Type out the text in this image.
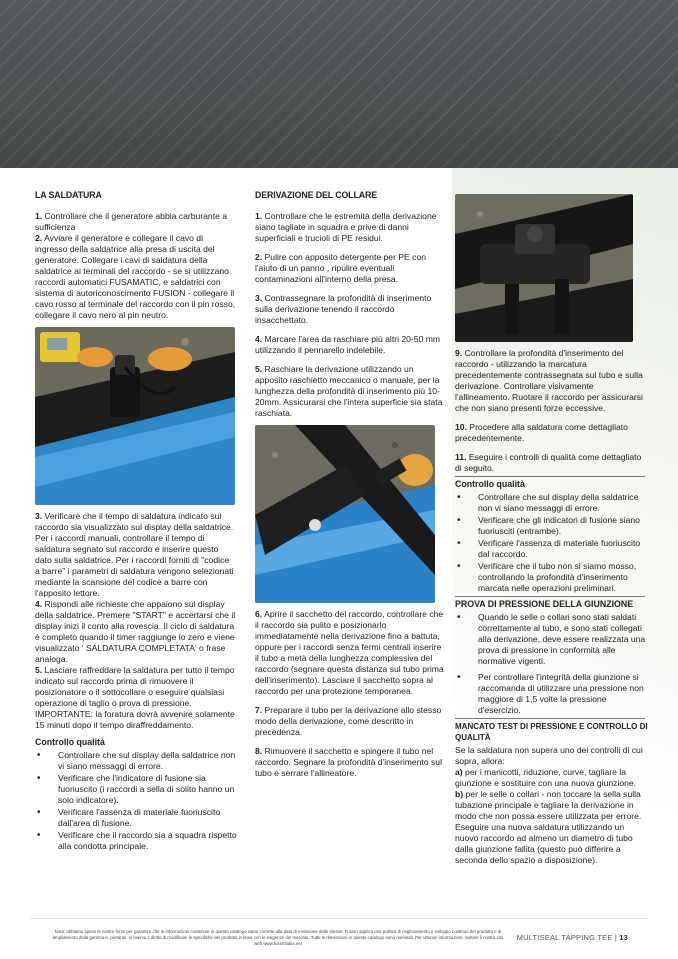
LA SALDATURA
1. Controllare che il generatore abbia carburante a sufficienza
2. Avviare il generatore e collegare il cavo di ingresso della saldatrice alla presa di uscita del generatore. Collegare i cavi di saldatura della saldatrice ai terminali del raccordo - se si utilizzano raccordi automatici FUSAMATIC, e saldatrici con sistema di autoriconoscimento FUSION - collegare il cavo rosso al terminale del raccordo con il pin rosso, collegare il cavo nero al pin neutro.
3. Verificare che il tempo di saldatura indicato sul raccordo sia visualizzato sul display della saldatrice. Per i raccordi manuali, controllare il tempo di saldatura segnato sul raccordo e inserire questo dato sulla saldatrice. Per i raccordi forniti di "codice a barre" i parametri di saldatura vengono selezionati mediante la scansione del codice a barre con l'apposito lettore.
4. Rispondi alle richieste che appaiono sul display della saldatrice. Premere "START" e accertarsi che il display inizi il conto alla rovescia. Il ciclo di saldatura è completo quando il timer raggiunge lo zero e viene visualizzato ' SALDATURA COMPLETATA' o frase analoga.
5. Lasciare raffreddare la saldatura per tutto il tempo indicato sul raccordo prima di rimuovere il posizionatore o il sottocollare o eseguire qualsiasi operazione di taglio o prova di pressione. IMPORTANTE: la foratura dovrà avvenire solamente 15 minuti dopo il tempo diraffreddamento.
Controllo qualità
• Controllare che sul display della saldatrice non vi siano messaggi di errore.
• Verificare che l'indicatore di fusione sia fuoriuscito (i raccordi a sella di solito hanno un solo indicatore).
• Verificare l'assenza di materiale fuoriuscito dall'area di fusione.
• Verificare che il raccordo sia a squadra rispetto alla condotta principale.
DERIVAZIONE DEL COLLARE
1. Controllare che le estremità della derivazione siano tagliate in squadra e prive di danni superficiali e trucioli di PE residui.
2. Pulire con apposito detergente per PE con l'aiuto di un panno , ripulire eventuali contaminazioni all'interno della presa.
3. Contrassegnare la profondità di inserimento sulla derivazione tenendo il raccordo insacchettato.
4. Marcare l'area da raschiare più altri 20-50 mm utilizzando il pennarello indelebile.
5. Raschiare la derivazione utilizzando un apposito raschietto meccanico o manuale, per la lunghezza della profondità di inserimento più 10-20mm. Assicurarsi che l'intera superficie sia stata raschiata.
6. Aprire il sacchetto del raccordo, controllare che il raccordo sia pulito e posizionarlo immediatamente nella derivazione fino a battuta, oppure per i raccordi senza fermi centrali inserire il tubo a metà della lunghezza complessiva del raccordo (segnare questa distanza sul tubo prima dell'inserimento). Lasciare il sacchetto sopra al raccordo per una protezione temporanea.
7. Preparare il tubo per la derivazione allo stesso modo della derivazione, come descritto in precedenza.
8. Rimuovere il sacchetto e spingere il tubo nel raccordo. Segnare la profondità d'inserimento sul tubo e serrare l'allineatore.
9. Controllare la profondità d'inserimento del raccordo - utilizzando la marcatura precedentemente contrassegnata sul tubo e sulla derivazione. Controllare visivamente l'allineamento. Ruotare il raccordo per assicurarsi che non siano presenti forze eccessive.
10. Procedere alla saldatura come dettagliato precedentemente.
11. Eseguire i controlli di qualità come dettagliato di seguito.
Controllo qualità
• Controllare che sul display della saldatrice non vi siano messaggi di errore.
• Verificare che gli indicatori di fusione siano fuoriusciti (entrambe).
• Verificare l'assenza di materiale fuoriuscito dal raccordo.
• Verificare che il tubo non si siamo mosso, controllando la profondità d'inserimento marcata nelle operazioni preliminari.
PROVA DI PRESSIONE DELLA GIUNZIONE
• Quando le selle o collari sono stati saldati correttamente al tubo, e sono stati collegati alla derivazione, deve essere realizzata una prova di pressione in conformità alle normative vigenti.
• Per controllare l'integrità della giunzione si raccomanda di utilizzare una pressione non maggiore di 1,5 volte la pressione d'esercizio.
MANCATO TEST DI PRESSIONE E CONTROLLO DI QUALITÀ
Se la saldatura non supera uno dei controlli di cui sopra, allora:
a) per i manicotti, riduzione, curve, tagliare la giunzione e sostituire con una nuova giunzione.
b) per le selle o collari - non toccare la sella sulla tubazione principale e tagliare la derivazione in modo che non possa essere utilizzata per errore. Eseguire una nuova saldatura utilizzando un nuovo raccordo ad almeno un diametro di tubo dalla giunzione fallita (questo può differire a seconda dello spazio a disposizione).
Nota: abbiamo speso le nostre forze per garantire che le informazioni contenute in questo catalogo siano corrette alla data di emissione delle stesse. Fusion applica una politica di miglioramento e sviluppo continuo del prodotto e di ampliamento della gamma e, pertanto, si riserva il diritto di modificare le specifiche del prodotto in linea con le esigenze del mercato. Tutte le dimensioni in questo catalogo sono nominali. Per ulteriori informazioni, visitare il nostro sito web www.fusionitalia.net
MULTISEAL TAPPING TEE | 13
